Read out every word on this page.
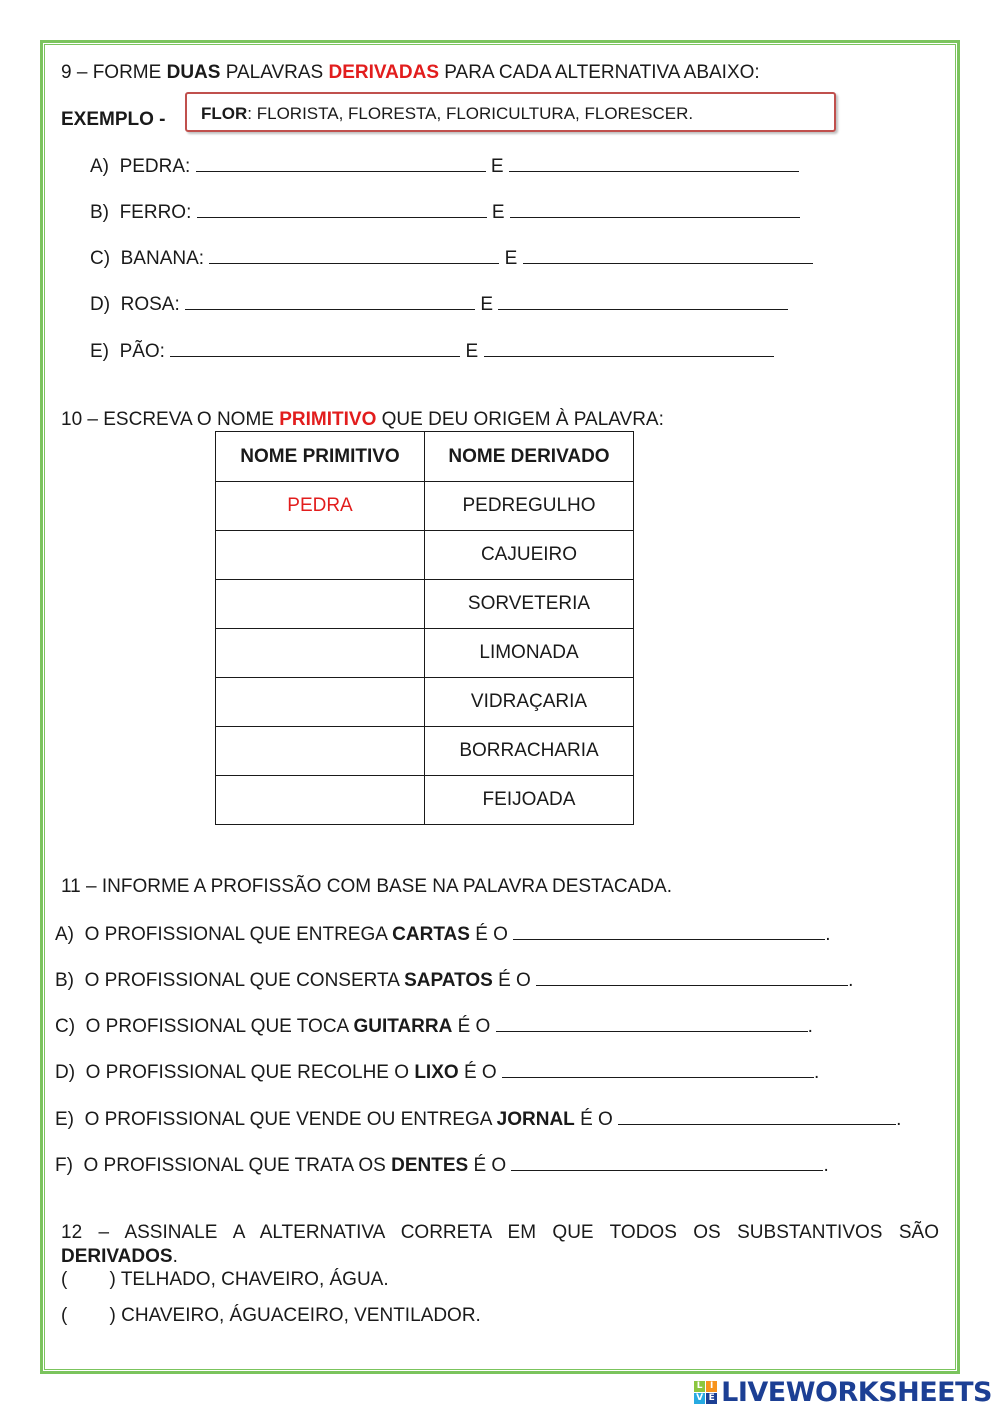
9 – FORME DUAS PALAVRAS DERIVADAS PARA CADA ALTERNATIVA ABAIXO:
EXEMPLO -	FLOR: FLORISTA, FLORESTA, FLORICULTURA, FLORESCER.
A) PEDRA:	E
B) FERRO:	E
C) BANANA:	E
D) ROSA:	E
E) PÃO:	E
10 – ESCREVA O NOME PRIMITIVO QUE DEU ORIGEM À PALAVRA:
NOME PRIMITIVO	NOME DERIVADO
PEDRA	PEDREGULHO
	CAJUEIRO
	SORVETERIA
	LIMONADA
	VIDRAÇARIA
	BORRACHARIA
	FEIJOADA
11 – INFORME A PROFISSÃO COM BASE NA PALAVRA DESTACADA.
A) O PROFISSIONAL QUE ENTREGA CARTAS É O	.
B) O PROFISSIONAL QUE CONSERTA SAPATOS É O	.
C) O PROFISSIONAL QUE TOCA GUITARRA É O	.
D) O PROFISSIONAL QUE RECOLHE O LIXO É O	.
E) O PROFISSIONAL QUE VENDE OU ENTREGA JORNAL É O	.
F) O PROFISSIONAL QUE TRATA OS DENTES É O	.
12 – ASSINALE A ALTERNATIVA CORRETA EM QUE TODOS OS SUBSTANTIVOS SÃO
DERIVADOS.
(        ) TELHADO, CHAVEIRO, ÁGUA.
(        ) CHAVEIRO, ÁGUACEIRO, VENTILADOR.
L I
V E LIVEWORKSHEETS
